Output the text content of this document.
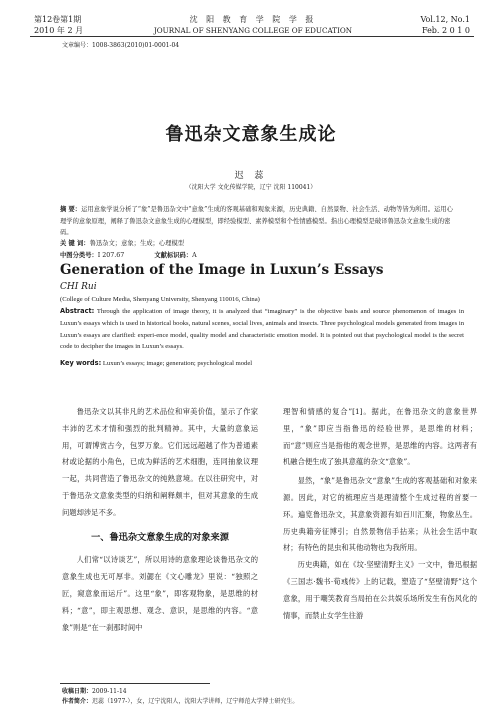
第12卷第1期
2010 年 2 月
沈 阳 教 育 学 院 学 报
JOURNAL OF SHENYANG COLLEGE OF EDUCATION
Vol.12, No.1
Feb. 2 0 1 0
文章编号：1008-3863(2010)01-0001-04
鲁迅杂文意象生成论
迟 蕊
（沈阳大学 文化传媒学院，辽宁 沈阳 110041）
摘 要：运用意象学说分析了“象”是鲁迅杂文中“意象”生成的客观基础和观象来源，历史典籍、自然景物、社会生活、动物等皆为所用。运用心理学的意象原理，阐释了鲁迅杂文意象生成的心理模型，即经验模型、素养模型和个性情感模型。指出心理模型是破译鲁迅杂文意象生成的密码。
关 键 词：鲁迅杂文；意象；生成；心理模型
中图分类号：I 207.67	文献标识码：A
Generation of the Image in Luxun’s Essays
CHI Rui
(College of Culture Media, Shenyang University, Shenyang 110016, China)
Abstract: Through the application of image theory, it is analyzed that “imaginary” is the objective basis and source phenomenon of images in Luxun’s essays which is used in historical books, natural scenes, social lives, animals and insects. Three psychological models generated from images in Luxun’s essays are clarified: experi-ence model, quality model and characteristic emotion model. It is pointed out that psychological model is the secret code to decipher the images in Luxun’s essays.
Key words: Luxun’s essays; image; generation; psychological model
鲁迅杂文以其非凡的艺术品位和审美价值，显示了作家丰沛的艺术才情和强烈的批判精神。其中，大量的意象运用，可谓博赏古今，包罗万象。它们远远超越了作为普通素材或论据的小角色，已成为鲜活的艺术细胞，连同抽象议理一起，共同营造了鲁迅杂文的纯熟意境。在以往研究中，对于鲁迅杂文意象类型的归纳和阐释颇丰，但对其意象的生成问题却涉足不多。
一、鲁迅杂文意象生成的对象来源
人们常“以诗谈艺”，所以用诗的意象理论谈鲁迅杂文的意象生成也无可厚非。刘勰在《文心雕龙》里说：“独照之匠，窥意象而运斤”。这里“象”，即客观物象，是思维的材料；“意”，即主观思想、观念、意识，是思维的内容。“意象”则是“在一刹那时间中
理智和情感的复合”[1]。据此，在鲁迅杂文的意象世界里，“象”即应当指鲁迅的经验世界，是思维的材料；而“意”则应当是指他的观念世界，是思维的内容。这两者有机融合便生成了独具意蕴的杂文“意象”。
显然，“象”是鲁迅杂文“意象”生成的客观基础和对象来源。因此，对它的梳理应当是理清整个生成过程的首要一环。遍览鲁迅杂文，其意象资源有如百川汇聚，物象丛生。历史典籍旁征博引；自然景物信手拈来；从社会生活中取材；有特色的昆虫和其他动物也为我所用。
历史典籍，如在《坟·坚壁清野主义》一文中，鲁迅根据《三国志·魏书·荀彧传》上的记载，塑造了“坚壁清野”这个意象，用于嘲笑教育当局拍在公共娱乐场所发生有伤风化的情事，而禁止女学生往游
收稿日期：2009-11-14
作者简介：迟蕊（1977-），女，辽宁沈阳人，沈阳大学讲师，辽宁师范大学博士研究生。
